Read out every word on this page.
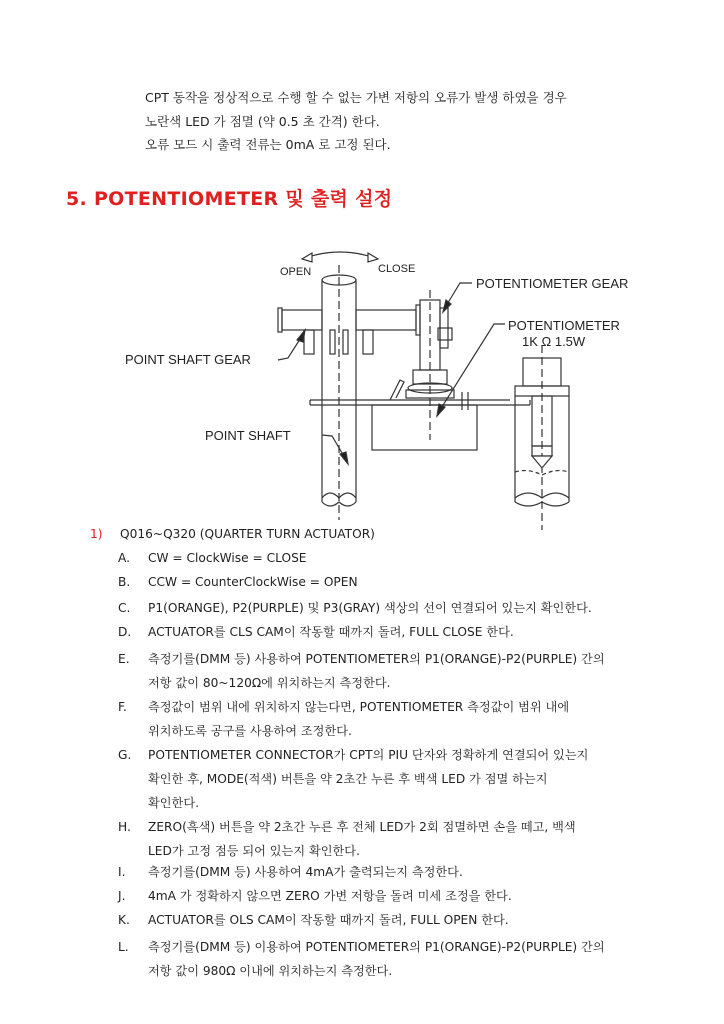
CPT 동작을 정상적으로 수행 할 수 없는 가변 저항의 오류가 발생 하였을 경우
노란색 LED 가 점멸 (약 0.5 초 간격) 한다.
오류 모드 시 출력 전류는 0mA 로 고정 된다.
5. POTENTIOMETER 및 출력 설정
OPEN	CLOSE
POINT SHAFT GEAR
POINT SHAFT
POTENTIOMETER GEAR
POTENTIOMETER
1K Ω 1.5W
1) Q016~Q320 (QUARTER TURN ACTUATOR)
A. CW = ClockWise = CLOSE
B. CCW = CounterClockWise = OPEN
C. P1(ORANGE), P2(PURPLE) 및 P3(GRAY) 색상의 선이 연결되어 있는지 확인한다.
D. ACTUATOR를 CLS CAM이 작동할 때까지 돌려, FULL CLOSE 한다.
E. 측정기를(DMM 등) 사용하여 POTENTIOMETER의 P1(ORANGE)-P2(PURPLE) 간의
저항 값이 80~120Ω에 위치하는지 측정한다.
F. 측정값이 범위 내에 위치하지 않는다면, POTENTIOMETER 측정값이 범위 내에
위치하도록 공구를 사용하여 조정한다.
G. POTENTIOMETER CONNECTOR가 CPT의 PIU 단자와 정확하게 연결되어 있는지
확인한 후, MODE(적색) 버튼을 약 2초간 누른 후 백색 LED 가 점멸 하는지
확인한다.
H. ZERO(흑색) 버튼을 약 2초간 누른 후 전체 LED가 2회 점멸하면 손을 떼고, 백색
LED가 고정 점등 되어 있는지 확인한다.
I. 측정기를(DMM 등) 사용하여 4mA가 출력되는지 측정한다.
J. 4mA 가 정확하지 않으면 ZERO 가변 저항을 돌려 미세 조정을 한다.
K. ACTUATOR를 OLS CAM이 작동할 때까지 돌려, FULL OPEN 한다.
L. 측정기를(DMM 등) 이용하여 POTENTIOMETER의 P1(ORANGE)-P2(PURPLE) 간의
저항 값이 980Ω 이내에 위치하는지 측정한다.
